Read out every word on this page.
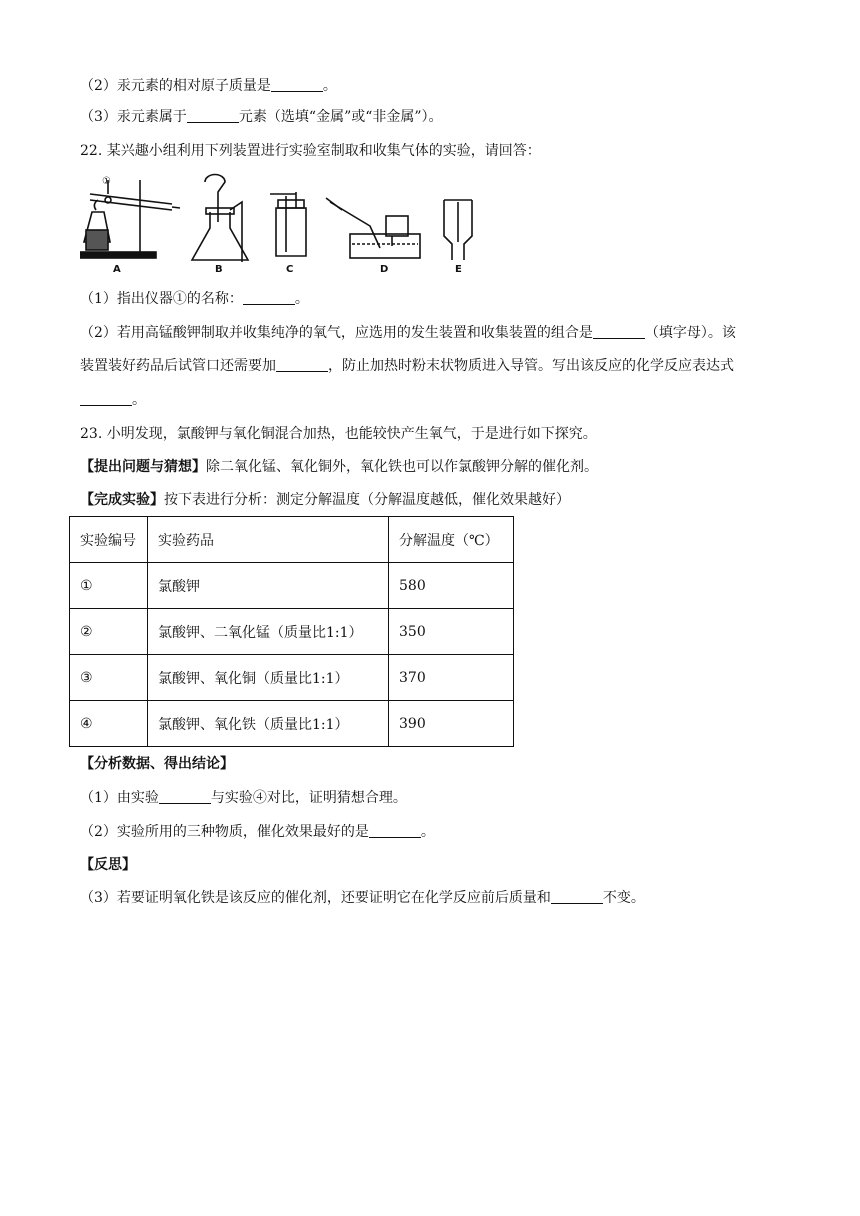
（2）汞元素的相对原子质量是	。
（3）汞元素属于	元素（选填“金属”或“非金属”）。
22. 某兴趣小组利用下列装置进行实验室制取和收集气体的实验，请回答：
A	B	C	D	E
①
（1）指出仪器①的名称：	。
（2）若用高锰酸钾制取并收集纯净的氧气，应选用的发生装置和收集装置的组合是	（填字母）。该
装置装好药品后试管口还需要加	，防止加热时粉末状物质进入导管。写出该反应的化学反应表达式
。
23. 小明发现，氯酸钾与氧化铜混合加热，也能较快产生氧气，于是进行如下探究。
【提出问题与猜想】除二氧化锰、氧化铜外，氧化铁也可以作氯酸钾分解的催化剂。
【完成实验】按下表进行分析：测定分解温度（分解温度越低，催化效果越好）
实验编号	实验药品	分解温度（℃）
①	氯酸钾	580
②	氯酸钾、二氧化锰（质量比1:1）	350
③	氯酸钾、氧化铜（质量比1:1）	370
④	氯酸钾、氧化铁（质量比1:1）	390
【分析数据、得出结论】
（1）由实验	与实验④对比，证明猜想合理。
（2）实验所用的三种物质，催化效果最好的是	。
【反思】
（3）若要证明氧化铁是该反应的催化剂，还要证明它在化学反应前后质量和	不变。
